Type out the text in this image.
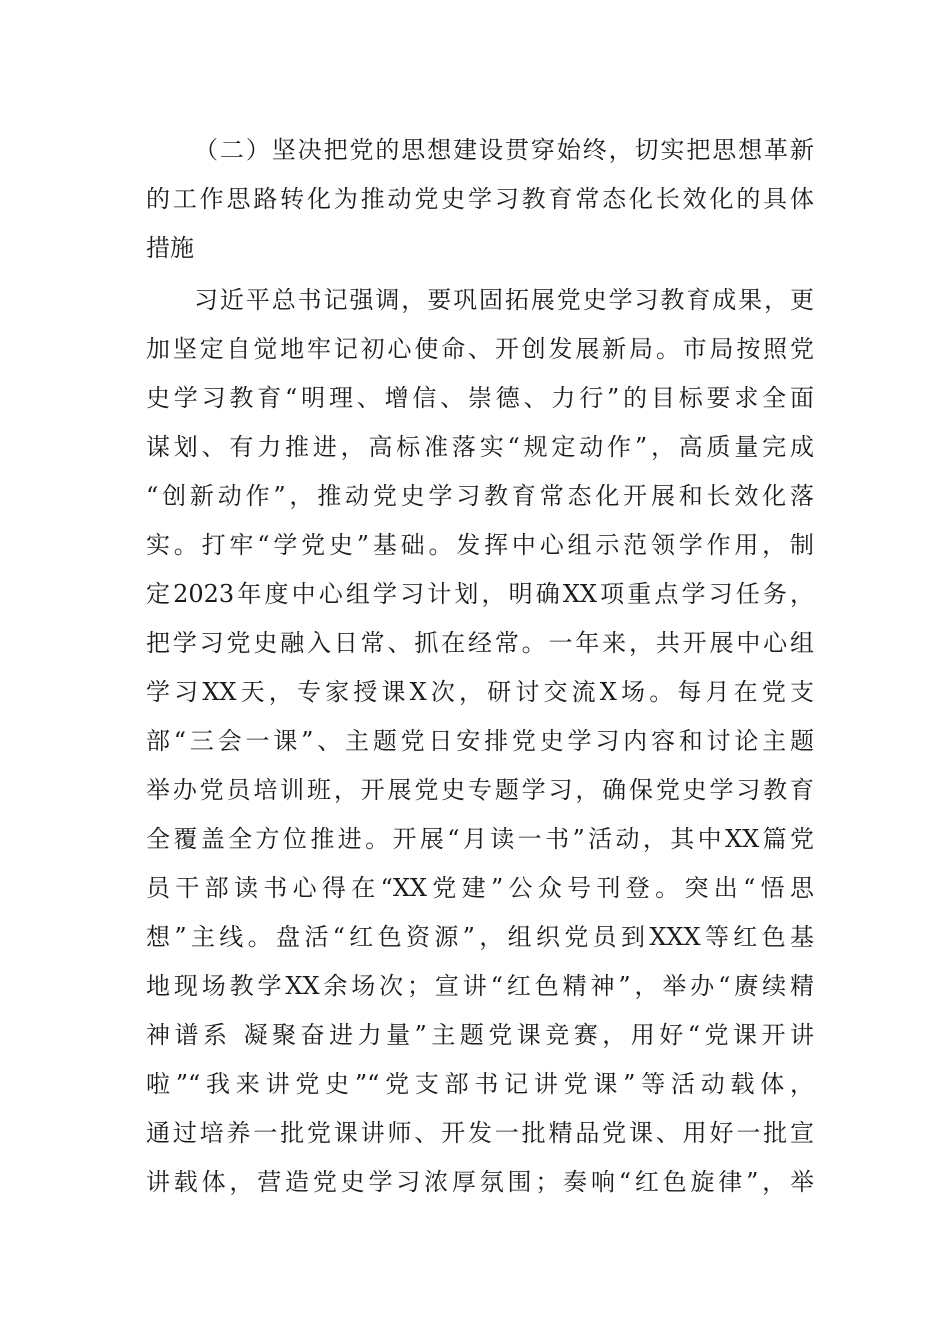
（二）坚决把党的思想建设贯穿始终，切实把思想革新
的工作思路转化为推动党史学习教育常态化长效化的具体
措施
习近平总书记强调，要巩固拓展党史学习教育成果，更
加坚定自觉地牢记初心使命、开创发展新局。市局按照党
史学习教育“明理、增信、崇德、力行”的目标要求全面
谋划、有力推进，高标准落实“规定动作”，高质量完成
“创新动作”，推动党史学习教育常态化开展和长效化落
实。打牢“学党史”基础。发挥中心组示范领学作用，制
定2023年度中心组学习计划，明确XX项重点学习任务，
把学习党史融入日常、抓在经常。一年来，共开展中心组
学习XX天，专家授课X次，研讨交流X场。每月在党支
部“三会一课”、主题党日安排党史学习内容和讨论主题
举办党员培训班，开展党史专题学习，确保党史学习教育
全覆盖全方位推进。开展“月读一书”活动，其中XX篇党
员干部读书心得在“XX党建”公众号刊登。突出“悟思
想”主线。盘活“红色资源”，组织党员到XXX等红色基
地现场教学XX余场次；宣讲“红色精神”，举办“赓续精
神谱系 凝聚奋进力量”主题党课竞赛，用好“党课开讲
啦”“我来讲党史”“党支部书记讲党课”等活动载体，
通过培养一批党课讲师、开发一批精品党课、用好一批宣
讲载体，营造党史学习浓厚氛围；奏响“红色旋律”，举
